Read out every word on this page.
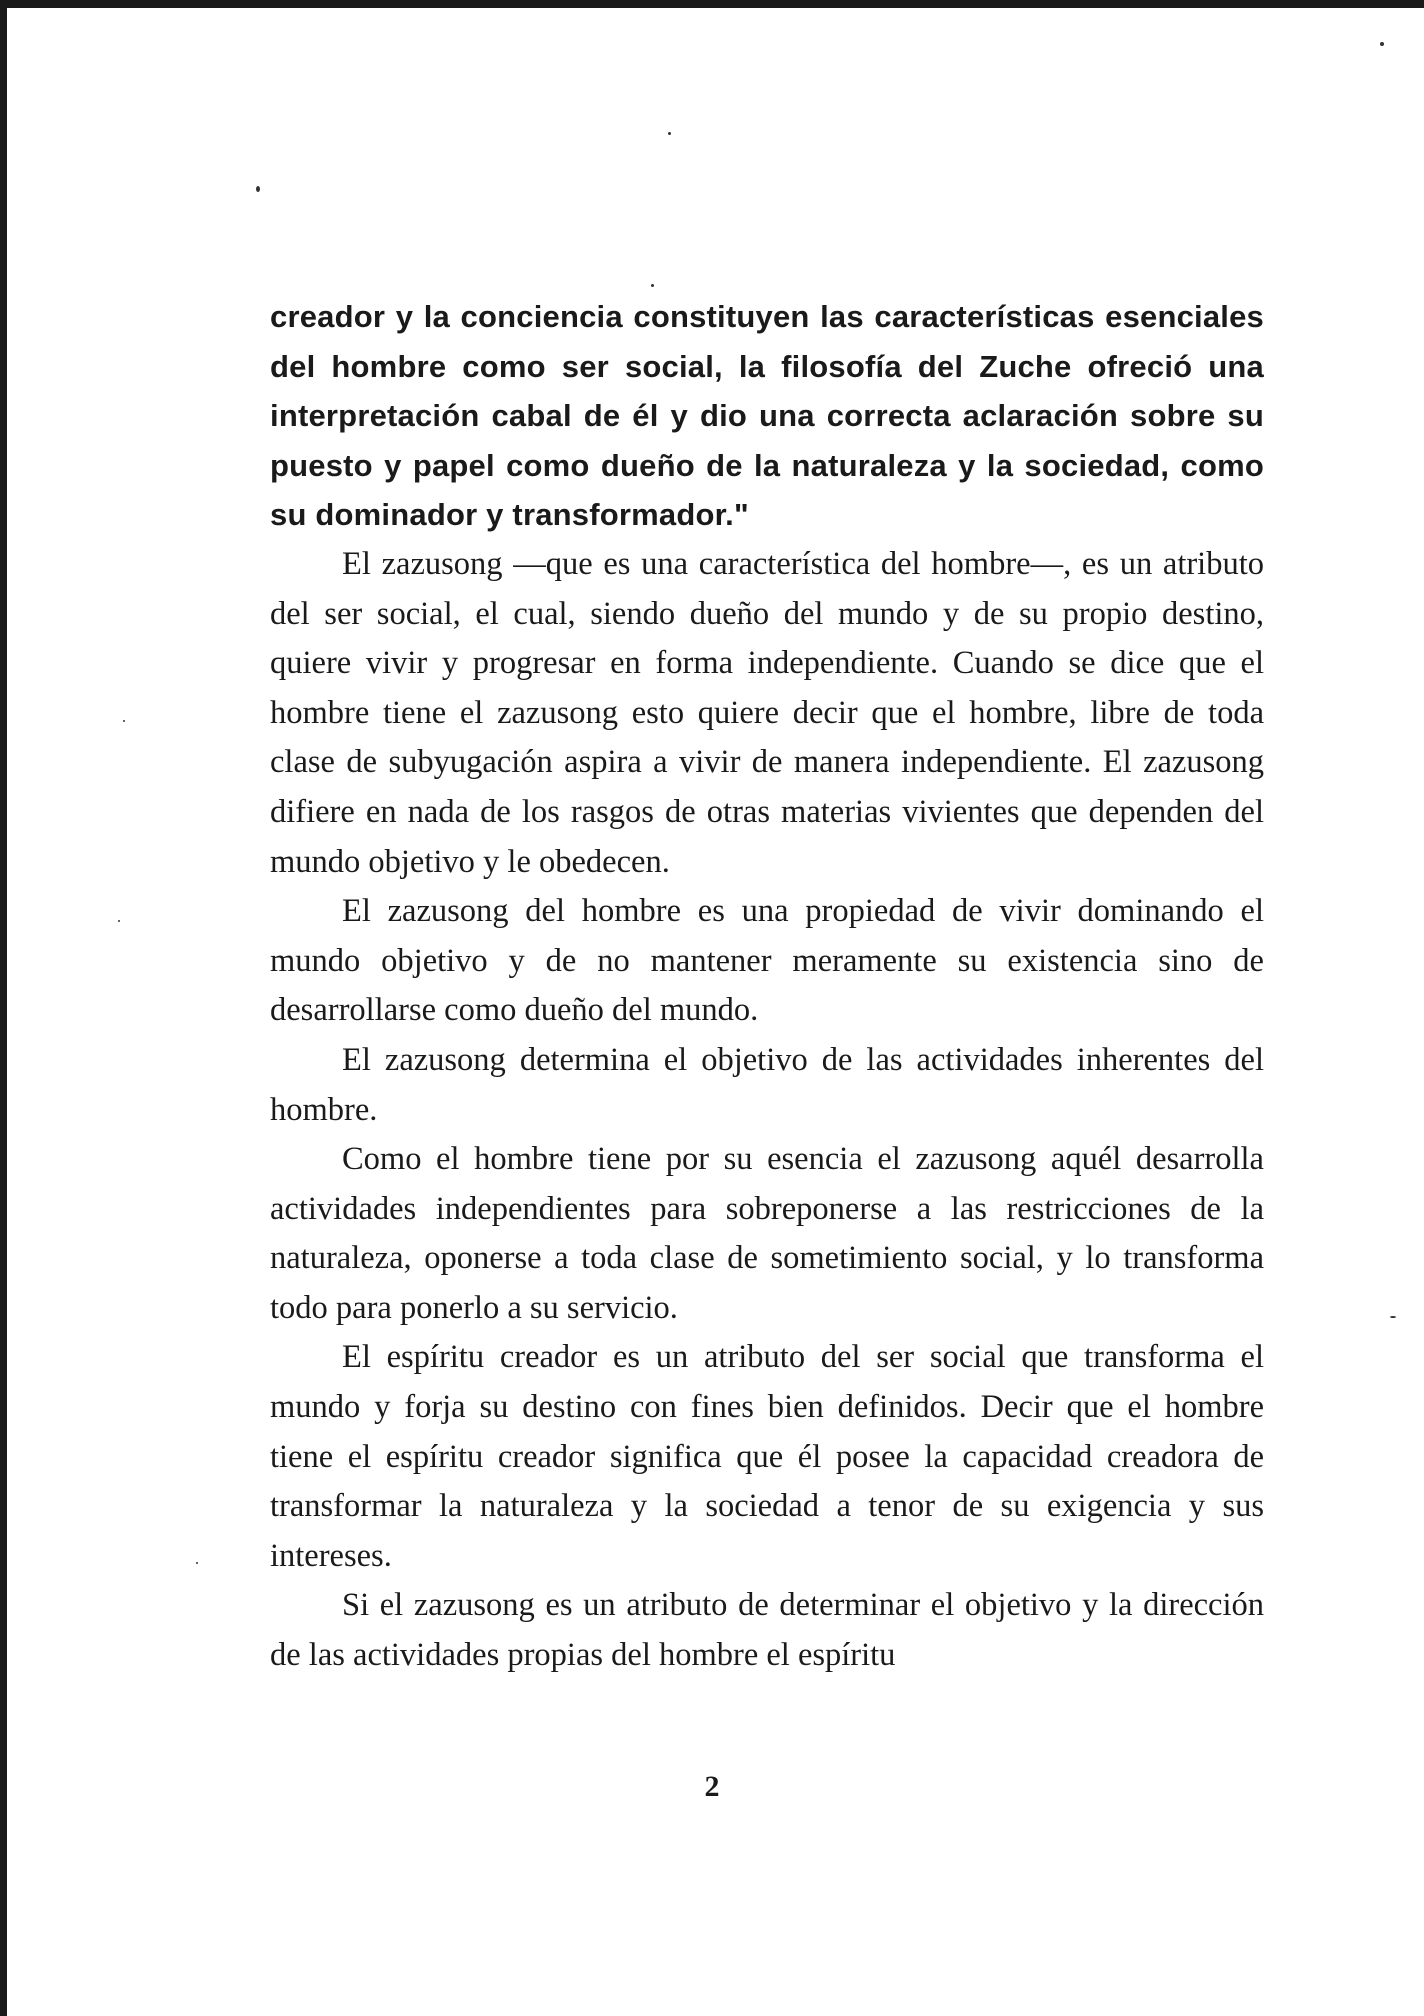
creador y la conciencia constituyen las características esenciales del hombre como ser social, la filosofía del Zuche ofreció una interpretación cabal de él y dio una correcta aclaración sobre su puesto y papel como dueño de la naturaleza y la sociedad, como su dominador y transformador."

El zazusong —que es una característica del hombre—, es un atributo del ser social, el cual, siendo dueño del mundo y de su propio destino, quiere vivir y progresar en forma independiente. Cuando se dice que el hombre tiene el zazusong esto quiere decir que el hombre, libre de toda clase de subyugación aspira a vivir de manera independiente. El zazusong difiere en nada de los rasgos de otras materias vivientes que dependen del mundo objetivo y le obedecen.

El zazusong del hombre es una propiedad de vivir dominando el mundo objetivo y de no mantener meramente su existencia sino de desarrollarse como dueño del mundo.

El zazusong determina el objetivo de las actividades inherentes del hombre.

Como el hombre tiene por su esencia el zazusong aquél desarrolla actividades independientes para sobreponerse a las restricciones de la naturaleza, oponerse a toda clase de sometimiento social, y lo transforma todo para ponerlo a su servicio.

El espíritu creador es un atributo del ser social que transforma el mundo y forja su destino con fines bien definidos. Decir que el hombre tiene el espíritu creador significa que él posee la capacidad creadora de transformar la naturaleza y la sociedad a tenor de su exigencia y sus intereses.

Si el zazusong es un atributo de determinar el objetivo y la dirección de las actividades propias del hombre el espíritu

2
